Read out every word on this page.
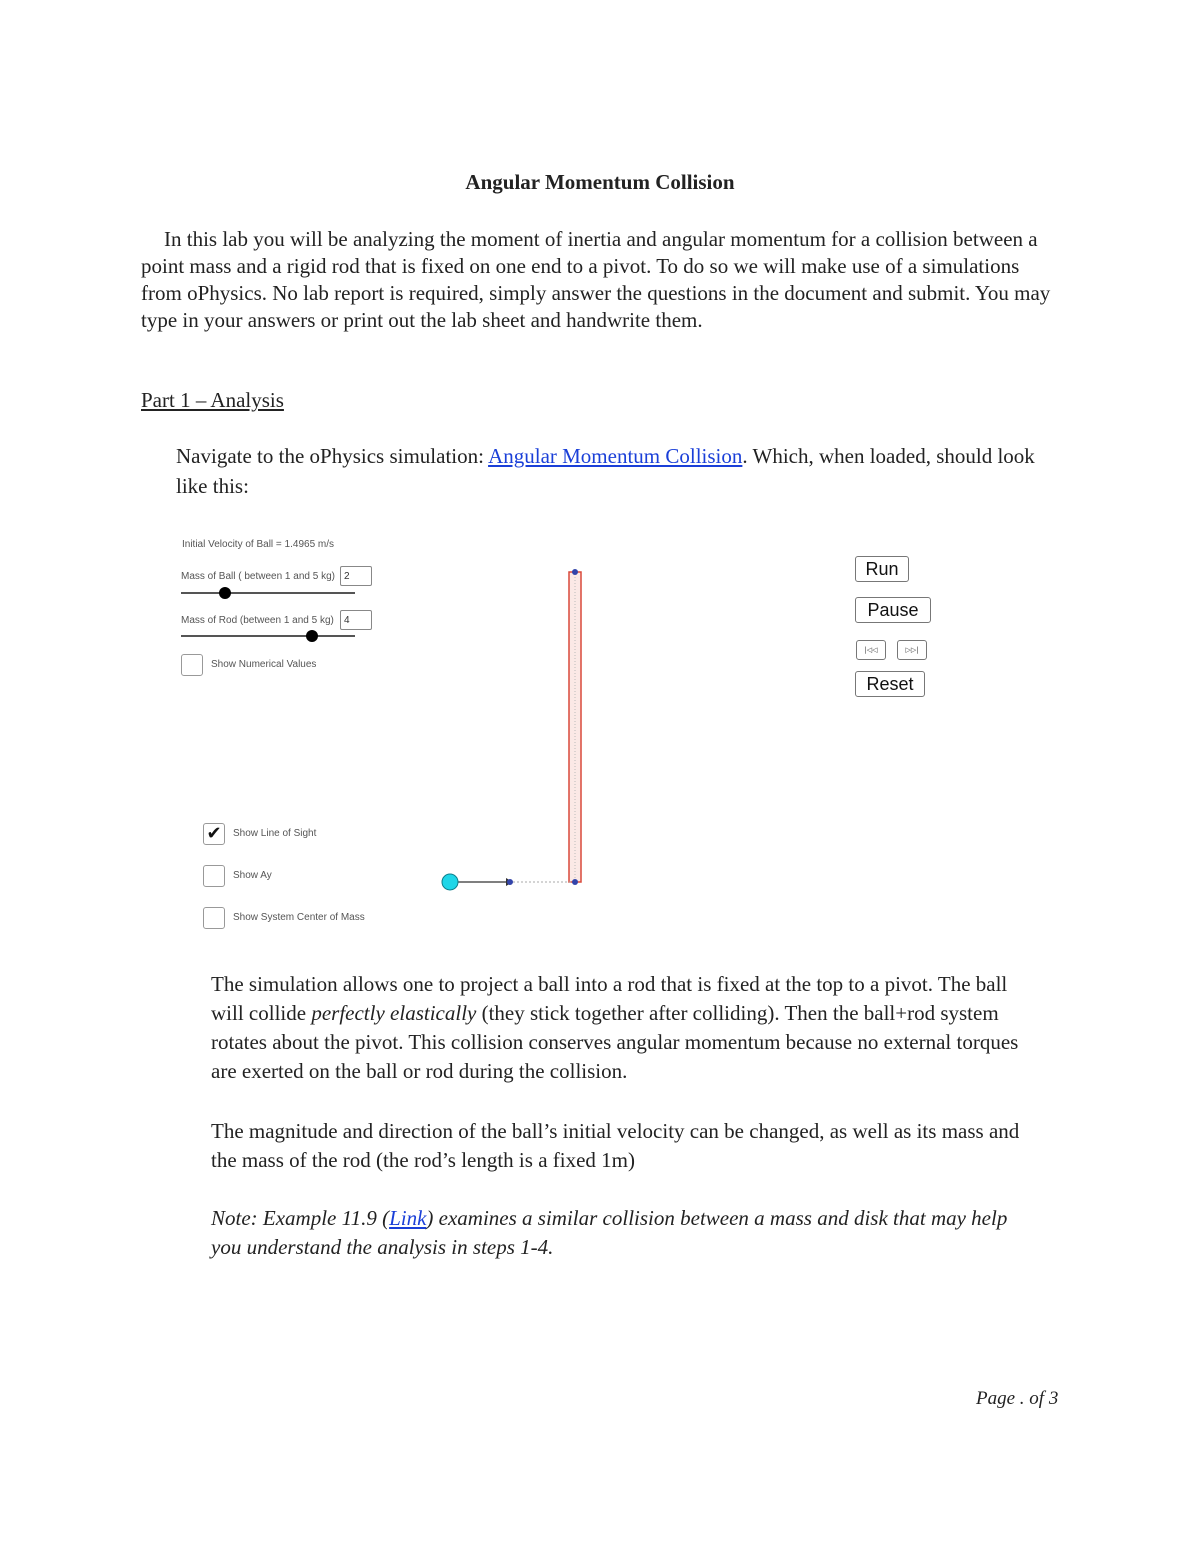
Angular Momentum Collision

In this lab you will be analyzing the moment of inertia and angular momentum for a collision between a point mass and a rigid rod that is fixed on one end to a pivot. To do so we will make use of a simulations from oPhysics. No lab report is required, simply answer the questions in the document and submit. You may type in your answers or print out the lab sheet and handwrite them.

Part 1 – Analysis

Navigate to the oPhysics simulation: Angular Momentum Collision. Which, when loaded, should look like this:

Initial Velocity of Ball = 1.4965 m/s
Mass of Ball ( between 1 and 5 kg) 2
Mass of Rod (between 1 and 5 kg)	4
Show Numerical Values
✔	Show Line of Sight
Show Ay
Show System Center of Mass
Run
Pause
|◁◁	▷▷|
Reset

The simulation allows one to project a ball into a rod that is fixed at the top to a pivot. The ball will collide perfectly elastically (they stick together after colliding). Then the ball+rod system rotates about the pivot. This collision conserves angular momentum because no external torques are exerted on the ball or rod during the collision.

The magnitude and direction of the ball’s initial velocity can be changed, as well as its mass and the mass of the rod (the rod’s length is a fixed 1m)

Note: Example 11.9 (Link) examines a similar collision between a mass and disk that may help you understand the analysis in steps 1-4.

Page . of 3
